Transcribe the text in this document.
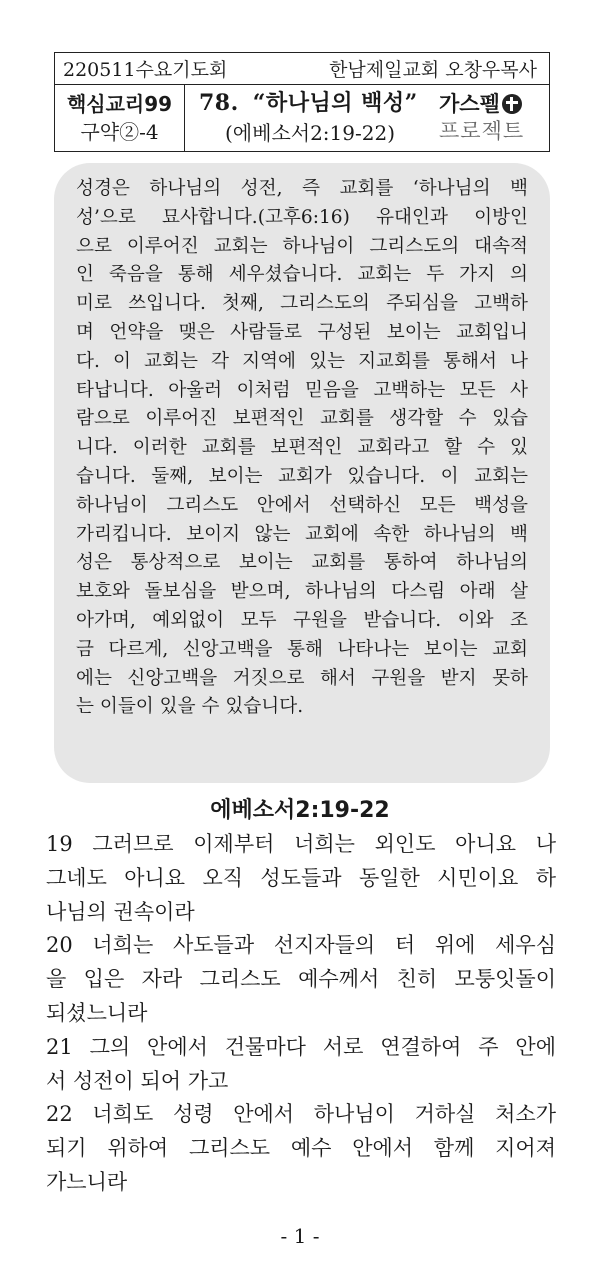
220511수요기도회	한남제일교회 오창우목사
핵심교리99
구약②-4
78. “하나님의 백성”
(에베소서2:19-22)
가스펠
프로젝트
성경은 하나님의 성전, 즉 교회를 ‘하나님의 백
성’으로 묘사합니다.(고후6:16) 유대인과 이방인
으로 이루어진 교회는 하나님이 그리스도의 대속적
인 죽음을 통해 세우셨습니다. 교회는 두 가지 의
미로 쓰입니다. 첫째, 그리스도의 주되심을 고백하
며 언약을 맺은 사람들로 구성된 보이는 교회입니
다. 이 교회는 각 지역에 있는 지교회를 통해서 나
타납니다. 아울러 이처럼 믿음을 고백하는 모든 사
람으로 이루어진 보편적인 교회를 생각할 수 있습
니다. 이러한 교회를 보편적인 교회라고 할 수 있
습니다. 둘째, 보이는 교회가 있습니다. 이 교회는
하나님이 그리스도 안에서 선택하신 모든 백성을
가리킵니다. 보이지 않는 교회에 속한 하나님의 백
성은 통상적으로 보이는 교회를 통하여 하나님의
보호와 돌보심을 받으며, 하나님의 다스림 아래 살
아가며, 예외없이 모두 구원을 받습니다. 이와 조
금 다르게, 신앙고백을 통해 나타나는 보이는 교회
에는 신앙고백을 거짓으로 해서 구원을 받지 못하
는 이들이 있을 수 있습니다.
에베소서2:19-22
19 그러므로 이제부터 너희는 외인도 아니요 나
그네도 아니요 오직 성도들과 동일한 시민이요 하
나님의 권속이라
20 너희는 사도들과 선지자들의 터 위에 세우심
을 입은 자라 그리스도 예수께서 친히 모퉁잇돌이
되셨느니라
21 그의 안에서 건물마다 서로 연결하여 주 안에
서 성전이 되어 가고
22 너희도 성령 안에서 하나님이 거하실 처소가
되기 위하여 그리스도 예수 안에서 함께 지어져
가느니라
- 1 -
